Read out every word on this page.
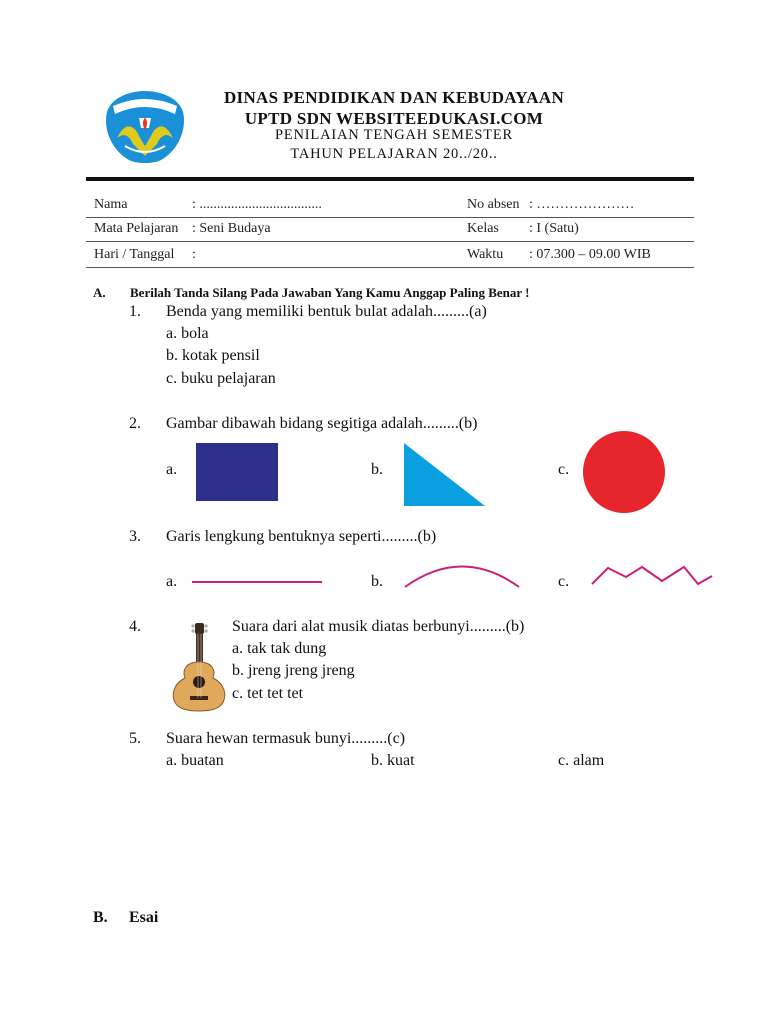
DINAS PENDIDIKAN DAN KEBUDAYAAN
UPTD SDN WEBSITEEDUKASI.COM
PENILAIAN TENGAH SEMESTER
TAHUN PELAJARAN 20../20..
Nama	: ...................................	No absen : …………………
Mata Pelajaran : Seni Budaya	Kelas : I (Satu)
Hari / Tanggal :	Waktu : 07.300 – 09.00 WIB
A. Berilah Tanda Silang Pada Jawaban Yang Kamu Anggap Paling Benar !
1. Benda yang memiliki bentuk bulat adalah.........(a)
a. bola
b. kotak pensil
c. buku pelajaran
2. Gambar dibawah bidang segitiga adalah.........(b)
a.	b.	c.
3. Garis lengkung bentuknya seperti.........(b)
a.	b.	c.
4.	Suara dari alat musik diatas berbunyi.........(b)
a. tak tak dung
b. jreng jreng jreng
c. tet tet tet
5. Suara hewan termasuk bunyi.........(c)
a. buatan	b. kuat	c. alam
B. Esai
